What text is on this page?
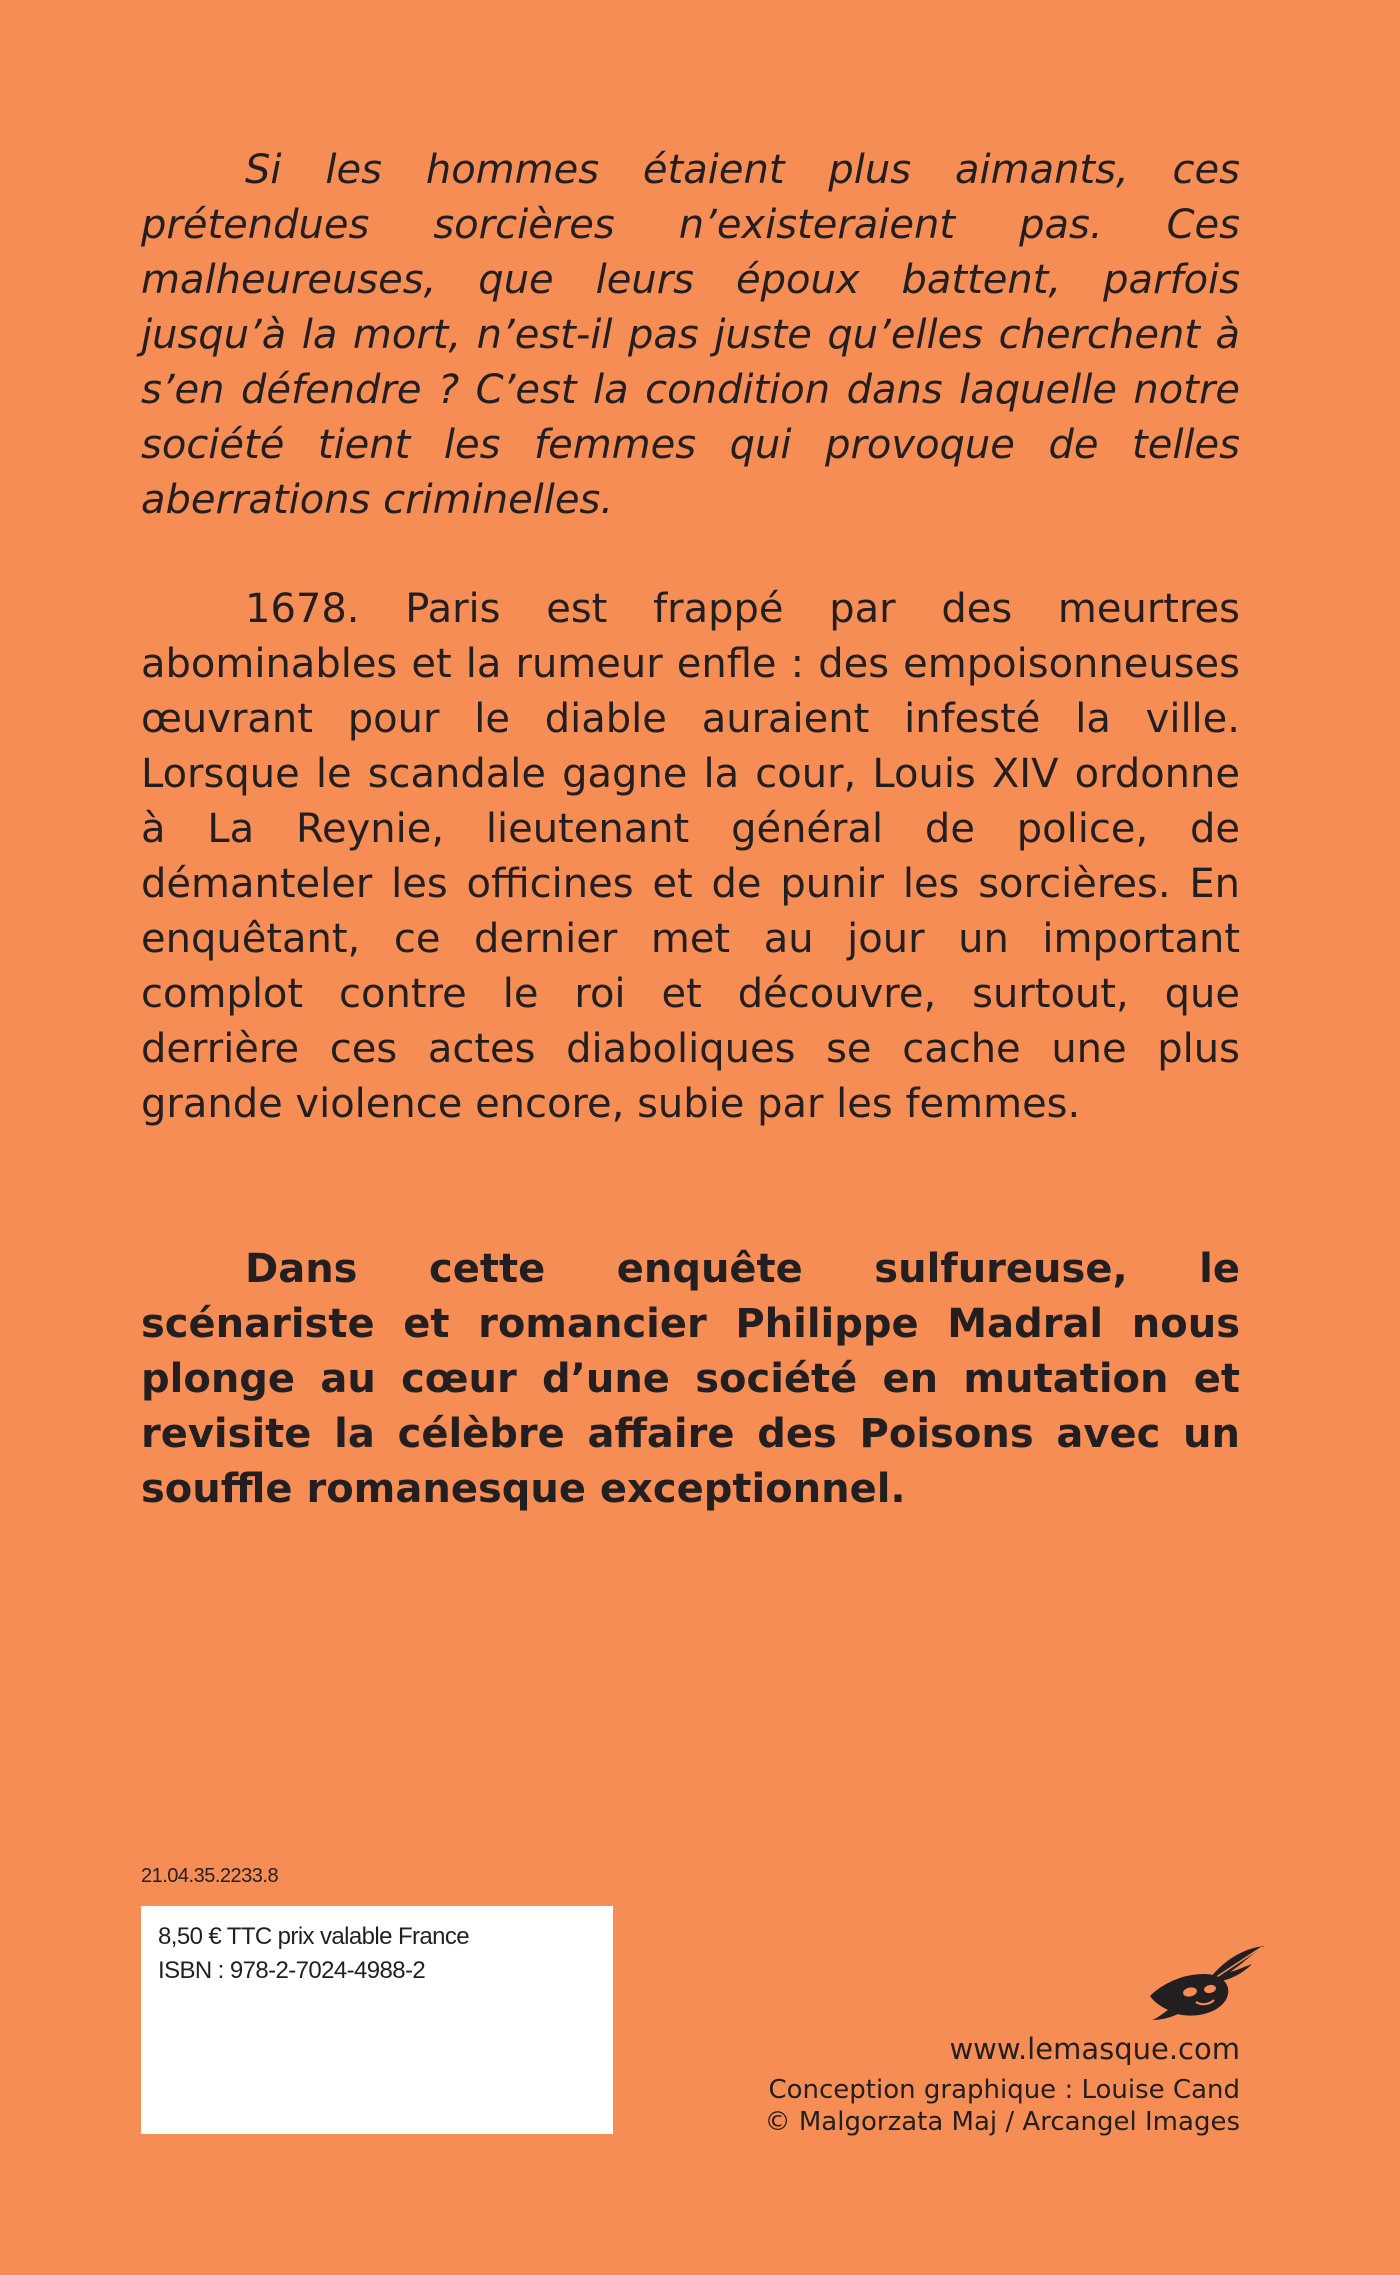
Si les hommes étaient plus aimants, ces prétendues sorcières n’existeraient pas. Ces malheureuses, que leurs époux battent, parfois jusqu’à la mort, n’est-il pas juste qu’elles cherchent à s’en défendre ? C’est la condition dans laquelle notre société tient les femmes qui provoque de telles aberrations criminelles.

1678. Paris est frappé par des meurtres abominables et la rumeur enfle : des empoisonneuses œuvrant pour le diable auraient infesté la ville. Lorsque le scandale gagne la cour, Louis XIV ordonne à La Reynie, lieutenant général de police, de démanteler les officines et de punir les sorcières. En enquêtant, ce dernier met au jour un important complot contre le roi et découvre, surtout, que derrière ces actes diaboliques se cache une plus grande violence encore, subie par les femmes.

Dans cette enquête sulfureuse, le scénariste et romancier Philippe Madral nous plonge au cœur d’une société en mutation et revisite la célèbre affaire des Poisons avec un souffle romanesque exceptionnel.

21.04.35.2233.8
8,50 € TTC prix valable France
ISBN : 978-2-7024-4988-2
www.lemasque.com
Conception graphique : Louise Cand
© Malgorzata Maj / Arcangel Images
